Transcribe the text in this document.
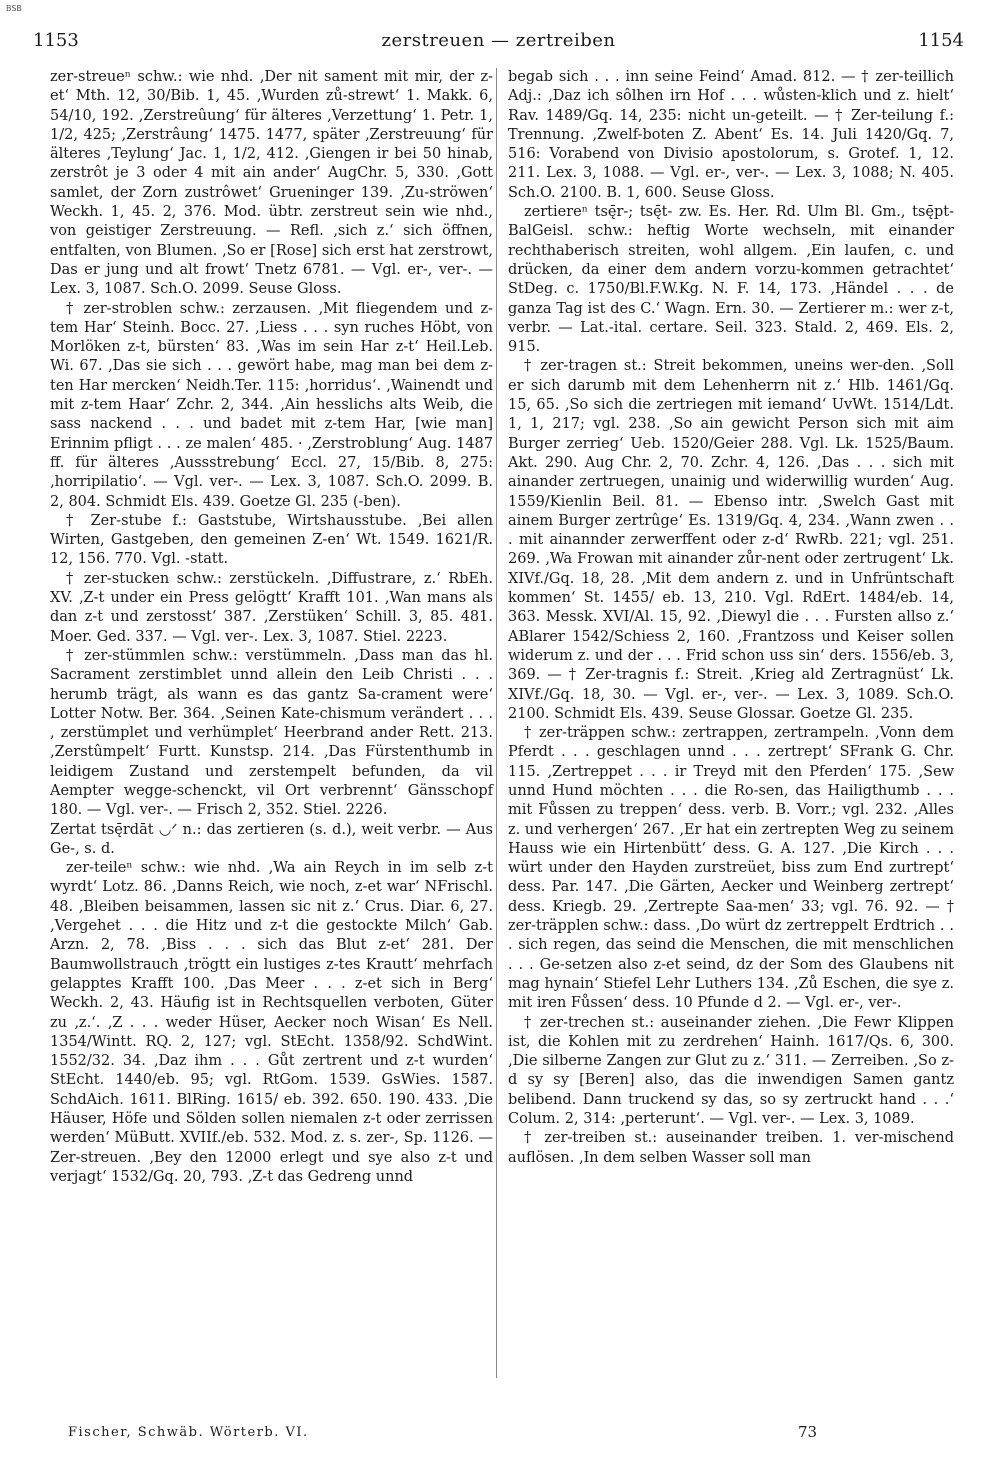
BSB
1153	zerstreuen — zertreiben	1154

zer-streueⁿ schw.: wie nhd. ‚Der nit sament mit mir, der z-et‘ Mth. 12, 30/Bib. 1, 45. ‚Wurden zů-strewt‘ 1. Makk. 6, 54/10, 192. ‚Zerstreûung‘ für älteres ‚Verzettung‘ 1. Petr. 1, 1/2, 425; ‚Zerstrâung‘ 1475. 1477, später ‚Zerstreuung‘ für älteres ‚Teylung‘ Jac. 1, 1/2, 412. ‚Giengen ir bei 50 hinab, zerstrôt je 3 oder 4 mit ain ander‘ AugChr. 5, 330. ‚Gott samlet, der Zorn zustrôwet‘ Grueninger 139. ‚Zu-ströwen‘ Weckh. 1, 45. 2, 376. Mod. übtr. zerstreut sein wie nhd., von geistiger Zerstreuung. — Refl. ‚sich z.‘ sich öffnen, entfalten, von Blumen. ‚So er [Rose] sich erst hat zerstrowt, Das er jung und alt frowt‘ Tnetz 6781. — Vgl. er-, ver-. — Lex. 3, 1087. Sch.O. 2099. Seuse Gloss.

† zer-stroblen schw.: zerzausen. ‚Mit fliegendem und z-tem Har‘ Steinh. Bocc. 27. ‚Liess . . . syn ruches Höbt, von Morlöken z-t, bürsten‘ 83. ‚Was im sein Har z-t‘ Heil.Leb. Wi. 67. ‚Das sie sich . . . gewört habe, mag man bei dem z-ten Har mercken‘ Neidh.Ter. 115: ‚horridus‘. ‚Wainendt und mit z-tem Haar‘ Zchr. 2, 344. ‚Ain hesslichs alts Weib, die sass nackend . . . und badet mit z-tem Har, [wie man] Erinnim pfligt . . . ze malen‘ 485. · ‚Zerstroblung‘ Aug. 1487 ff. für älteres ‚Aussstrebung‘ Eccl. 27, 15/Bib. 8, 275: ‚horripilatio‘. — Vgl. ver-. — Lex. 3, 1087. Sch.O. 2099. B. 2, 804. Schmidt Els. 439. Goetze Gl. 235 (-ben).

† Zer-stube f.: Gaststube, Wirtshausstube. ‚Bei allen Wirten, Gastgeben, den gemeinen Z-en‘ Wt. 1549. 1621/R. 12, 156. 770. Vgl. -statt.

† zer-stucken schw.: zerstückeln. ‚Diffustrare, z.‘ RbEh. XV. ‚Z-t under ein Press gelögtt‘ Krafft 101. ‚Wan mans als dan z-t und zerstosst‘ 387. ‚Zerstüken‘ Schill. 3, 85. 481. Moer. Ged. 337. — Vgl. ver-. Lex. 3, 1087. Stiel. 2223.

† zer-stümmlen schw.: verstümmeln. ‚Dass man das hl. Sacrament zerstimblet unnd allein den Leib Christi . . . herumb trägt, als wann es das gantz Sa-crament were‘ Lotter Notw. Ber. 364. ‚Seinen Kate-chismum verändert . . . , zerstümplet und verhümplet‘ Heerbrand ander Rett. 213. ‚Zerstûmpelt‘ Furtt. Kunstsp. 214. ‚Das Fürstenthumb in leidigem Zustand und zerstempelt befunden, da vil Aempter wegge-schenckt, vil Ort verbrennt‘ Gänsschopf 180. — Vgl. ver-. — Frisch 2, 352. Stiel. 2226.

Zertat tsę̄rdāt ◡ᐟ n.: das zertieren (s. d.), weit verbr. — Aus Ge-, s. d.

zer-teileⁿ schw.: wie nhd. ‚Wa ain Reych in im selb z-t wyrdt‘ Lotz. 86. ‚Danns Reich, wie noch, z-et war‘ NFrischl. 48. ‚Bleiben beisammen, lassen sic nit z.‘ Crus. Diar. 6, 27. ‚Vergehet . . . die Hitz und z-t die gestockte Milch‘ Gab. Arzn. 2, 78. ‚Biss . . . sich das Blut z-et‘ 281. Der Baumwollstrauch ‚trögtt ein lustiges z-tes Krautt‘ mehrfach gelapptes Krafft 100. ‚Das Meer . . . z-et sich in Berg‘ Weckh. 2, 43. Häufig ist in Rechtsquellen verboten, Güter zu ‚z.‘. ‚Z . . . weder Hüser, Aecker noch Wisan‘ Es Nell. 1354/Wintt. RQ. 2, 127; vgl. StEcht. 1358/92. SchdWint. 1552/32. 34. ‚Daz ihm . . . Gůt zertrent und z-t wurden‘ StEcht. 1440/eb. 95; vgl. RtGom. 1539. GsWies. 1587. SchdAich. 1611. BlRing. 1615/ eb. 392. 650. 190. 433. ‚Die Häuser, Höfe und Sölden sollen niemalen z-t oder zerrissen werden‘ MüButt. XVIIf./eb. 532. Mod. z. s. zer-, Sp. 1126. — Zer-streuen. ‚Bey den 12000 erlegt und sye also z-t und verjagt‘ 1532/Gq. 20, 793. ‚Z-t das Gedreng unnd

begab sich . . . inn seine Feind‘ Amad. 812. — † zer-teillich Adj.: ‚Daz ich sôlhen irn Hof . . . wůsten-klich und z. hielt‘ Rav. 1489/Gq. 14, 235: nicht un-geteilt. — † Zer-teilung f.: Trennung. ‚Zwelf-boten Z. Abent‘ Es. 14. Juli 1420/Gq. 7, 516: Vorabend von Divisio apostolorum, s. Grotef. 1, 12. 211. Lex. 3, 1088. — Vgl. er-, ver-. — Lex. 3, 1088; N. 405. Sch.O. 2100. B. 1, 600. Seuse Gloss.

zertiereⁿ tsę̄r-; tsę̄t- zw. Es. Her. Rd. Ulm Bl. Gm., tsę̄pt- BalGeisl. schw.: heftig Worte wechseln, mit einander rechthaberisch streiten, wohl allgem. ‚Ein laufen, c. und drücken, da einer dem andern vorzu-kommen getrachtet‘ StDeg. c. 1750/Bl.F.W.Kg. N. F. 14, 173. ‚Händel . . . de ganza Tag ist des C.‘ Wagn. Ern. 30. — Zertierer m.: wer z-t, verbr. — Lat.-ital. certare. Seil. 323. Stald. 2, 469. Els. 2, 915.

† zer-tragen st.: Streit bekommen, uneins wer-den. ‚Soll er sich darumb mit dem Lehenherrn nit z.‘ Hlb. 1461/Gq. 15, 65. ‚So sich die zertriegen mit iemand‘ UvWt. 1514/Ldt. 1, 1, 217; vgl. 238. ‚So ain gewicht Person sich mit aim Burger zerrieg‘ Ueb. 1520/Geier 288. Vgl. Lk. 1525/Baum. Akt. 290. Aug Chr. 2, 70. Zchr. 4, 126. ‚Das . . . sich mit ainander zertruegen, unainig und widerwillig wurden‘ Aug. 1559/Kienlin Beil. 81. — Ebenso intr. ‚Swelch Gast mit ainem Burger zertrûge‘ Es. 1319/Gq. 4, 234. ‚Wann zwen . . . mit ainannder zerwerffent oder z-d‘ RwRb. 221; vgl. 251. 269. ‚Wa Frowan mit ainander zůr-nent oder zertrugent‘ Lk. XIVf./Gq. 18, 28. ‚Mit dem andern z. und in Unfrüntschaft kommen‘ St. 1455/ eb. 13, 210. Vgl. RdErt. 1484/eb. 14, 363. Messk. XVI/Al. 15, 92. ‚Diewyl die . . . Fursten allso z.‘ ABlarer 1542/Schiess 2, 160. ‚Frantzoss und Keiser sollen widerum z. und der . . . Frid schon uss sin‘ ders. 1556/eb. 3, 369. — † Zer-tragnis f.: Streit. ‚Krieg ald Zertragnüst‘ Lk. XIVf./Gq. 18, 30. — Vgl. er-, ver-. — Lex. 3, 1089. Sch.O. 2100. Schmidt Els. 439. Seuse Glossar. Goetze Gl. 235.

† zer-träppen schw.: zertrappen, zertrampeln. ‚Vonn dem Pferdt . . . geschlagen unnd . . . zertrept‘ SFrank G. Chr. 115. ‚Zertreppet . . . ir Treyd mit den Pferden‘ 175. ‚Sew unnd Hund möchten . . . die Ro-sen, das Hailigthumb . . . mit Fůssen zu treppen‘ dess. verb. B. Vorr.; vgl. 232. ‚Alles z. und verhergen‘ 267. ‚Er hat ein zertrepten Weg zu seinem Hauss wie ein Hirtenbütt‘ dess. G. A. 127. ‚Die Kirch . . . würt under den Hayden zurstreüet, biss zum End zurtrept‘ dess. Par. 147. ‚Die Gärten, Aecker und Weinberg zertrept‘ dess. Kriegb. 29. ‚Zertrepte Saa-men‘ 33; vgl. 76. 92. — † zer-träpplen schw.: dass. ‚Do würt dz zertreppelt Erdtrich . . . sich regen, das seind die Menschen, die mit menschlichen . . . Ge-setzen also z-et seind, dz der Som des Glaubens nit mag hynain‘ Stiefel Lehr Luthers 134. ‚Zů Eschen, die sye z. mit iren Fůssen‘ dess. 10 Pfunde d 2. — Vgl. er-, ver-.

† zer-trechen st.: auseinander ziehen. ‚Die Fewr Klippen ist, die Kohlen mit zu zerdrehen‘ Hainh. 1617/Qs. 6, 300. ‚Die silberne Zangen zur Glut zu z.‘ 311. — Zerreiben. ‚So z-d sy sy [Beren] also, das die inwendigen Samen gantz belibend. Dann truckend sy das, so sy zertruckt hand . . .‘ Colum. 2, 314: ‚perterunt‘. — Vgl. ver-. — Lex. 3, 1089.

† zer-treiben st.: auseinander treiben. 1. ver-mischend auflösen. ‚In dem selben Wasser soll man

Fischer, Schwäb. Wörterb. VI.	73
